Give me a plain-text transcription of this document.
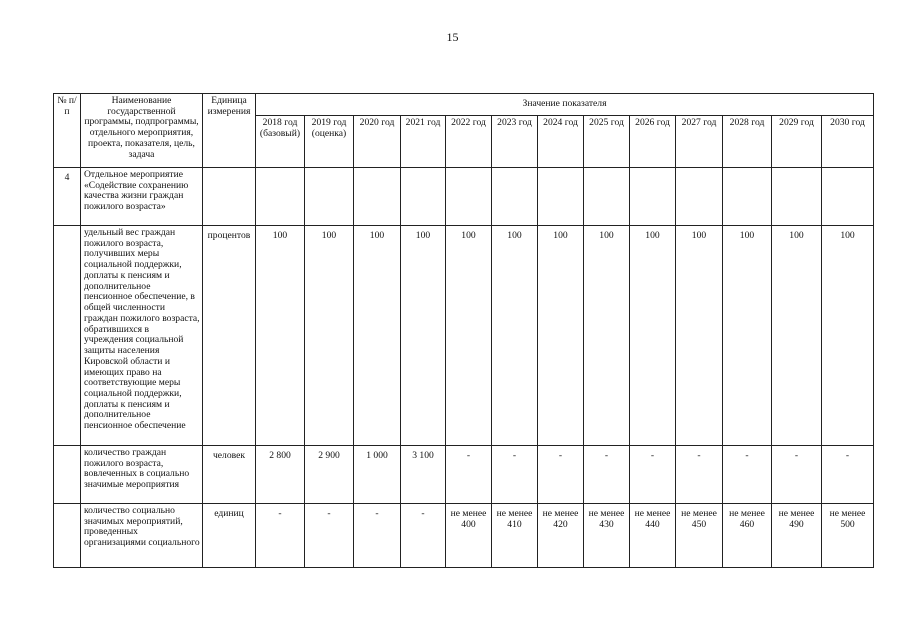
15
№ п/п	Наименование государственной программы, подпрограммы, отдельного мероприятия, проекта, показателя, цель, задача	Единица измерения	Значение показателя												
			2018 год (базовый)	2019 год (оценка)	2020 год	2021 год	2022 год	2023 год	2024 год	2025 год	2026 год	2027 год	2028 год	2029 год	2030 год
4	Отдельное мероприятие «Содействие сохранению качества жизни граждан пожилого возраста»														
	удельный вес граждан пожилого возраста, получивших меры социальной поддержки, доплаты к пенсиям и дополнительное пенсионное обеспечение, в общей численности граждан пожилого возраста, обратившихся в учреждения социальной защиты населения Кировской области и имеющих право на соответствующие меры социальной поддержки, доплаты к пенсиям и дополнительное пенсионное обеспечение	процентов	100	100	100	100	100	100	100	100	100	100	100	100	100
	количество граждан пожилого возраста, вовлеченных в социально значимые мероприятия	человек	2 800	2 900	1 000	3 100	-	-	-	-	-	-	-	-	-
	количество социально значимых мероприятий, проведенных организациями социального	единиц	-	-	-	-	не менее 400	не менее 410	не менее 420	не менее 430	не менее 440	не менее 450	не менее 460	не менее 490	не менее 500
